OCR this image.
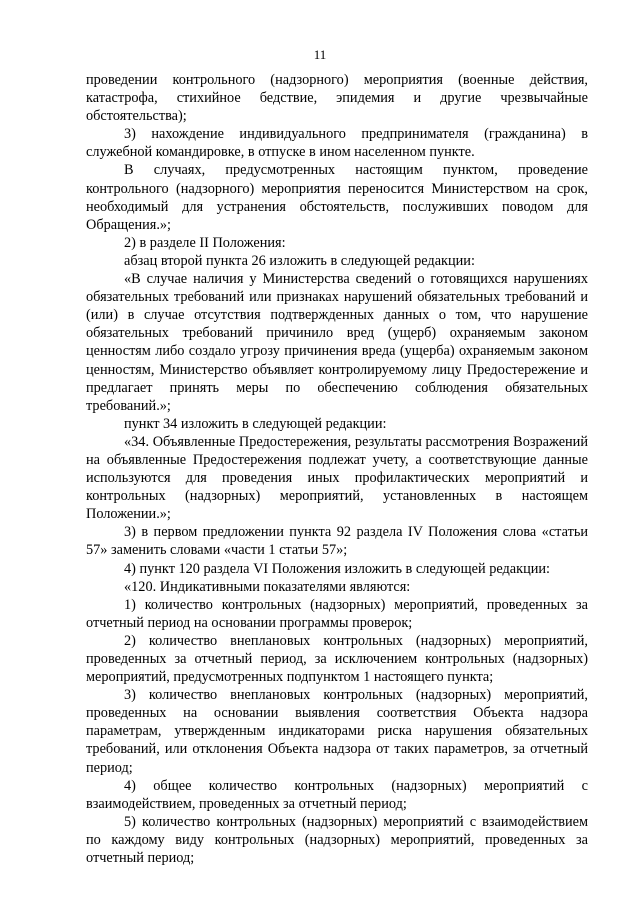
11

проведении контрольного (надзорного) мероприятия (военные действия, катастрофа, стихийное бедствие, эпидемия и другие чрезвычайные обстоятельства);

3) нахождение индивидуального предпринимателя (гражданина) в служебной командировке, в отпуске в ином населенном пункте.

В случаях, предусмотренных настоящим пунктом, проведение контрольного (надзорного) мероприятия переносится Министерством на срок, необходимый для устранения обстоятельств, послуживших поводом для Обращения.»;

2) в разделе II Положения:

абзац второй пункта 26 изложить в следующей редакции:

«В случае наличия у Министерства сведений о готовящихся нарушениях обязательных требований или признаках нарушений обязательных требований и (или) в случае отсутствия подтвержденных данных о том, что нарушение обязательных требований причинило вред (ущерб) охраняемым законом ценностям либо создало угрозу причинения вреда (ущерба) охраняемым законом ценностям, Министерство объявляет контролируемому лицу Предостережение и предлагает принять меры по обеспечению соблюдения обязательных требований.»;

пункт 34 изложить в следующей редакции:

«34. Объявленные Предостережения, результаты рассмотрения Возражений на объявленные Предостережения подлежат учету, а соответствующие данные используются для проведения иных профилактических мероприятий и контрольных (надзорных) мероприятий, установленных в настоящем Положении.»;

3) в первом предложении пункта 92 раздела IV Положения слова «статьи 57» заменить словами «части 1 статьи 57»;

4) пункт 120 раздела VI Положения изложить в следующей редакции:

«120. Индикативными показателями являются:

1) количество контрольных (надзорных) мероприятий, проведенных за отчетный период на основании программы проверок;

2) количество внеплановых контрольных (надзорных) мероприятий, проведенных за отчетный период, за исключением контрольных (надзорных) мероприятий, предусмотренных подпунктом 1 настоящего пункта;

3) количество внеплановых контрольных (надзорных) мероприятий, проведенных на основании выявления соответствия Объекта надзора параметрам, утвержденным индикаторами риска нарушения обязательных требований, или отклонения Объекта надзора от таких параметров, за отчетный период;

4) общее количество контрольных (надзорных) мероприятий с взаимодействием, проведенных за отчетный период;

5) количество контрольных (надзорных) мероприятий с взаимодействием по каждому виду контрольных (надзорных) мероприятий, проведенных за отчетный период;
